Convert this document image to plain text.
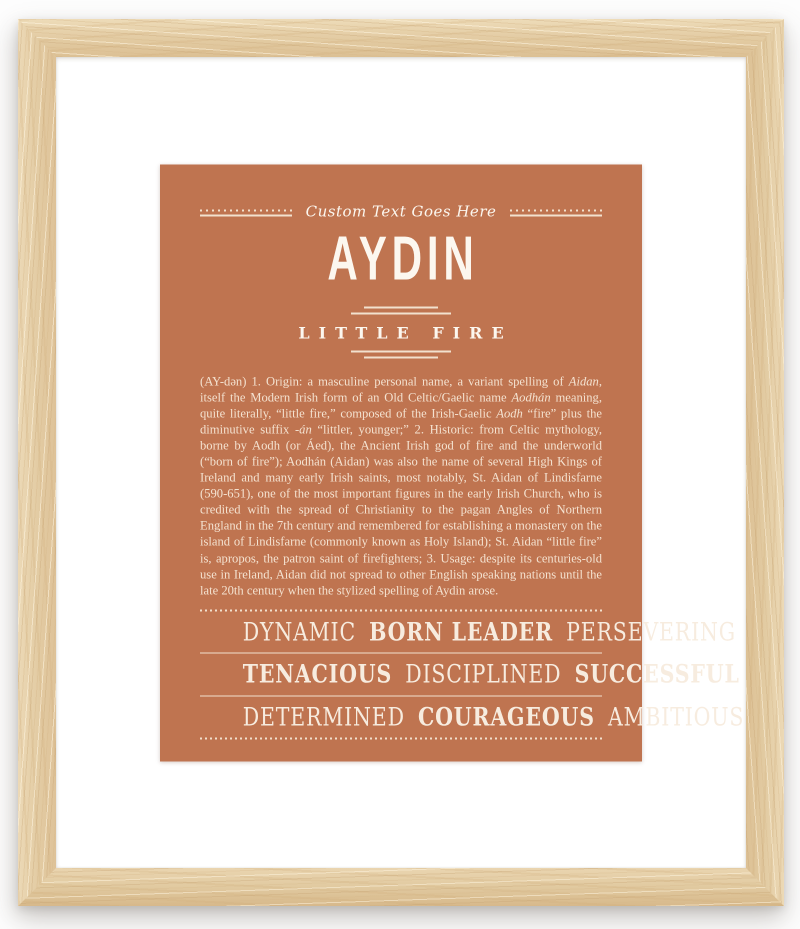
Custom Text Goes Here
AYDIN
LITTLE FIRE

(AY-dən) 1. Origin: a masculine personal name, a variant spelling of Aidan, itself the Modern Irish form of an Old Celtic/Gaelic name Aodhán meaning, quite literally, “little fire,” composed of the Irish-Gaelic Aodh “fire” plus the diminutive suffix -án “littler, younger;” 2. Historic: from Celtic mythology, borne by Aodh (or Áed), the Ancient Irish god of fire and the underworld (“born of fire”); Aodhán (Aidan) was also the name of several High Kings of Ireland and many early Irish saints, most notably, St. Aidan of Lindisfarne (590-651), one of the most important figures in the early Irish Church, who is credited with the spread of Christianity to the pagan Angles of Northern England in the 7th century and remembered for establishing a monastery on the island of Lindisfarne (commonly known as Holy Island); St. Aidan “little fire” is, apropos, the patron saint of firefighters; 3. Usage: despite its centuries-old use in Ireland, Aidan did not spread to other English speaking nations until the late 20th century when the stylized spelling of Aydin arose.

DYNAMIC BORN LEADER PERSEVERING
TENACIOUS DISCIPLINED SUCCESSFUL
DETERMINED COURAGEOUS AMBITIOUS
